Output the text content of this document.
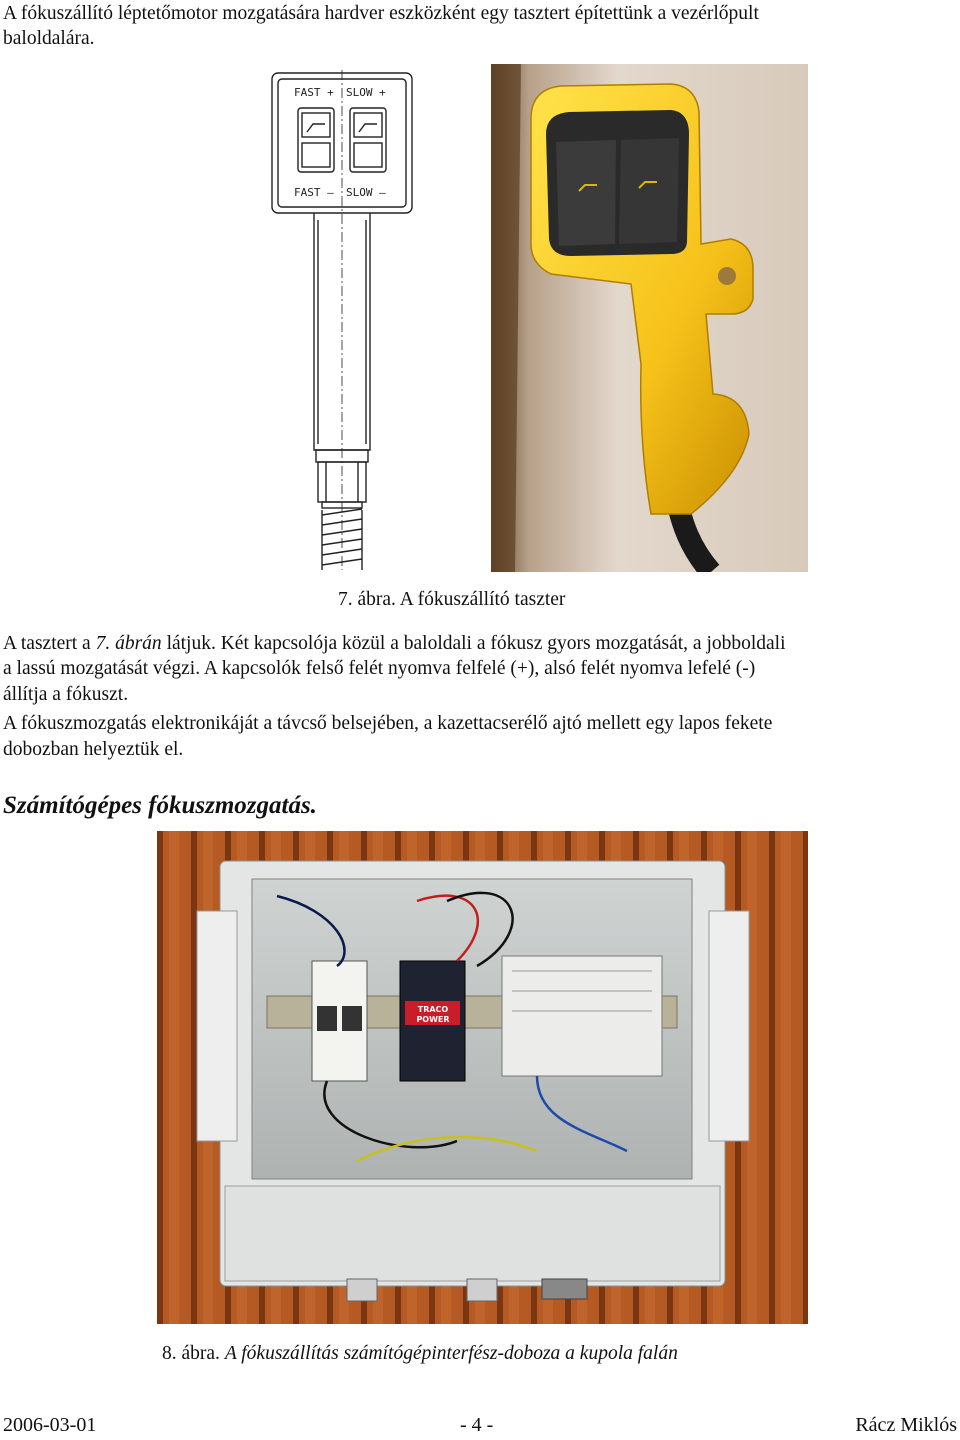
A fókuszállító léptetőmotor mozgatására hardver eszközként egy tasztert építettünk a vezérlőpult
baloldalára.
FAST + SLOW +
FAST – SLOW –
7. ábra. A fókuszállító taszter
A tasztert a 7. ábrán látjuk. Két kapcsolója közül a baloldali a fókusz gyors mozgatását, a jobboldali
a lassú mozgatását végzi. A kapcsolók felső felét nyomva felfelé (+), alsó felét nyomva lefelé (-)
állítja a fókuszt.
A fókuszmozgatás elektronikáját a távcső belsejében, a kazettacserélő ajtó mellett egy lapos fekete
dobozban helyeztük el.
Számítógépes fókuszmozgatás.
TRACO
POWER
8. ábra. A fókuszállítás számítógépinterfész-doboza a kupola falán
2006-03-01	- 4 -	Rácz Miklós
